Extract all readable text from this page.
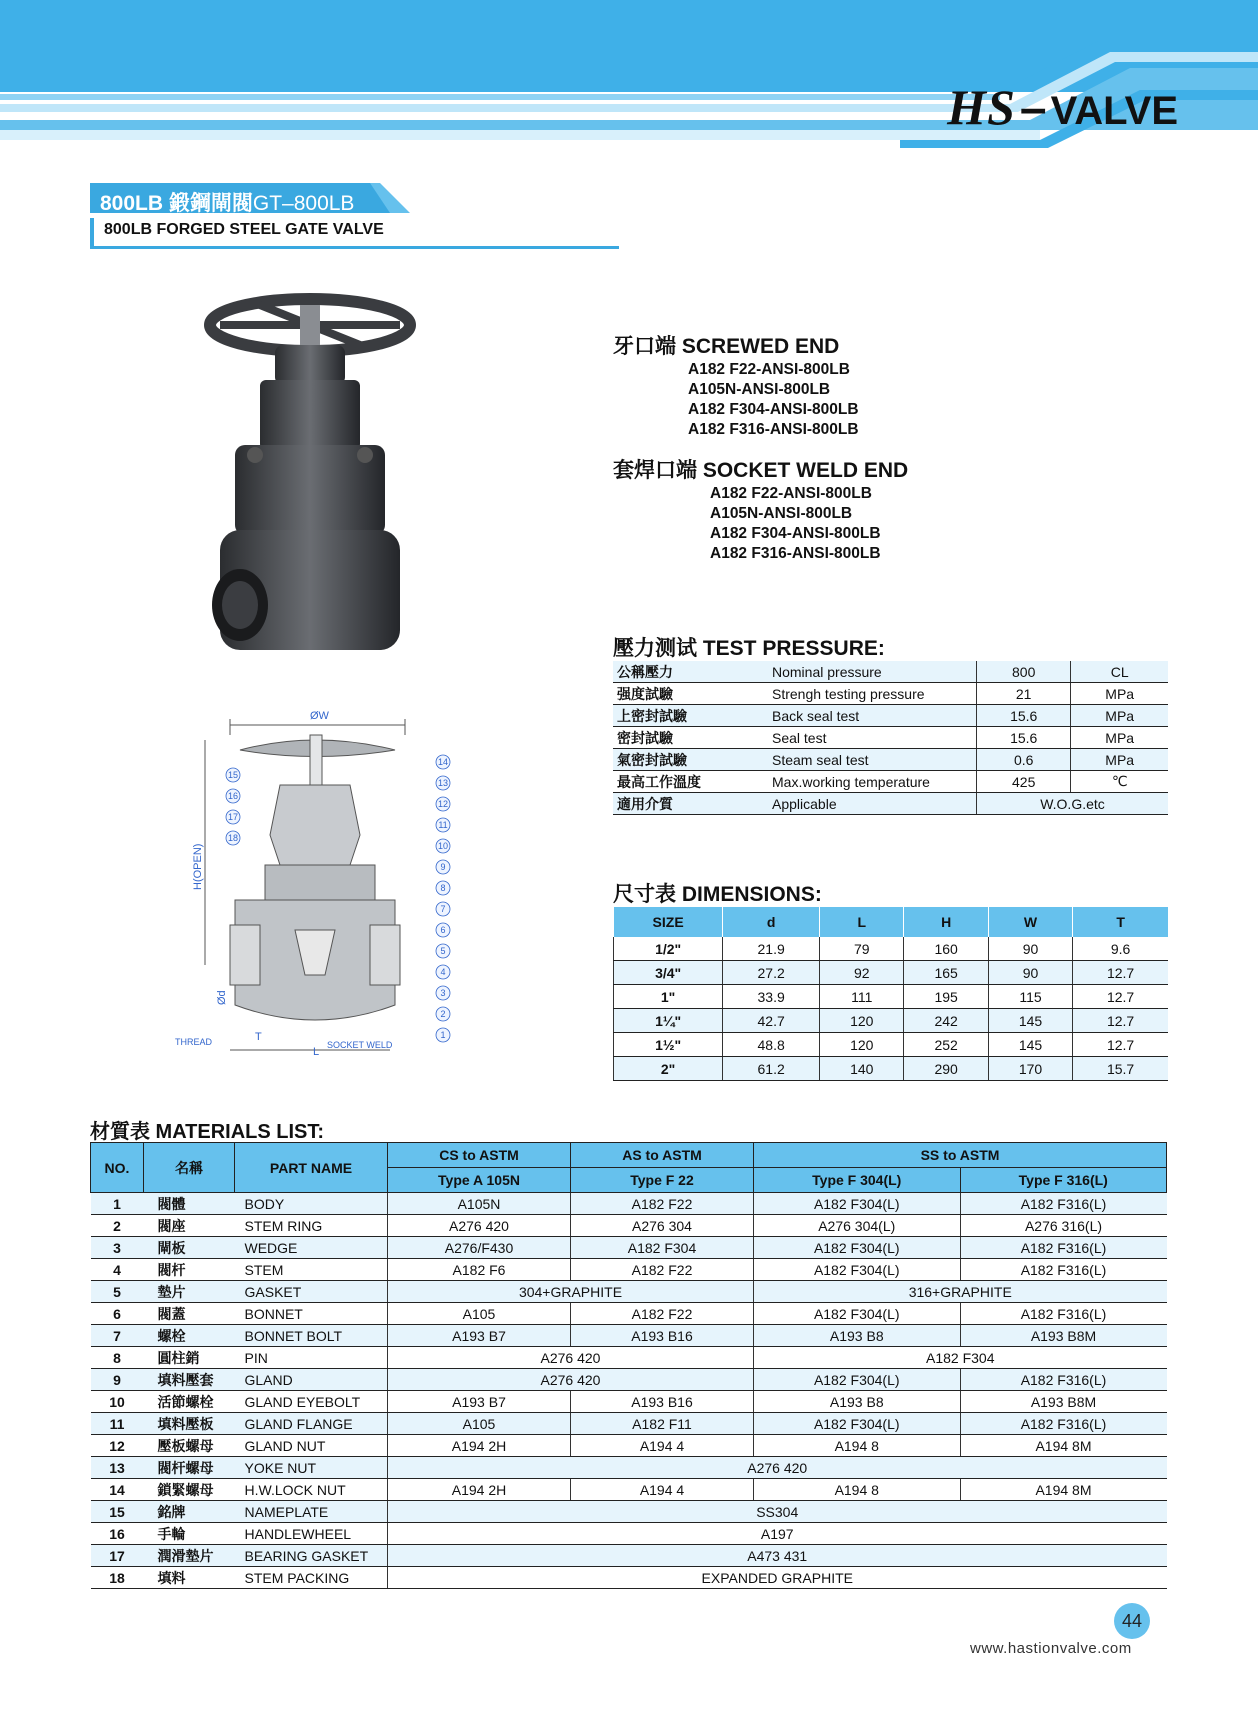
HS– VALVE
800LB 鍛鋼閘閥GT–800LB
800LB FORGED STEEL GATE VALVE
1
2
3
4
5
6
7
8
9
10
11
12
13
14
15
16
17
18
ØW
H(OPEN)
Ød
T
L
THREAD	SOCKET WELD
牙口端 SCREWED END
A182 F22-ANSI-800LB
A105N-ANSI-800LB
A182 F304-ANSI-800LB
A182 F316-ANSI-800LB
套焊口端 SOCKET WELD END
A182 F22-ANSI-800LB
A105N-ANSI-800LB
A182 F304-ANSI-800LB
A182 F316-ANSI-800LB
壓力测试 TEST PRESSURE:
公稱壓力	Nominal pressure	800	CL
强度試驗	Strengh testing pressure	21	MPa
上密封試驗	Back seal test	15.6	MPa
密封試驗	Seal test	15.6	MPa
氣密封試驗	Steam seal test	0.6	MPa
最高工作溫度	Max.working temperature	425	℃
適用介質	Applicable	W.O.G.etc	
尺寸表 DIMENSIONS:
SIZE	d	L	H	W	T
1/2"	21.9	79	160	90	9.6
3/4"	27.2	92	165	90	12.7
1"	33.9	111	195	115	12.7
1¼"	42.7	120	242	145	12.7
1½"	48.8	120	252	145	12.7
2"	61.2	140	290	170	15.7
材質表 MATERIALS LIST:
NO.	名稱	PART NAME	CS to ASTM	AS to ASTM	SS to ASTM	
			Type A 105N	Type F 22	Type F 304(L)	Type F 316(L)
1	閥體	BODY	A105N	A182 F22	A182 F304(L)	A182 F316(L)
2	閥座	STEM RING	A276 420	A276 304	A276 304(L)	A276 316(L)
3	閘板	WEDGE	A276/F430	A182 F304	A182 F304(L)	A182 F316(L)
4	閥杆	STEM	A182 F6	A182 F22	A182 F304(L)	A182 F316(L)
5	墊片	GASKET	304+GRAPHITE		316+GRAPHITE	
6	閥蓋	BONNET	A105	A182 F22	A182 F304(L)	A182 F316(L)
7	螺栓	BONNET BOLT	A193 B7	A193 B16	A193 B8	A193 B8M
8	圓柱銷	PIN	A276 420		A182 F304	
9	填料壓套	GLAND	A276 420		A182 F304(L)	A182 F316(L)
10	活節螺栓	GLAND EYEBOLT	A193 B7	A193 B16	A193 B8	A193 B8M
11	填料壓板	GLAND FLANGE	A105	A182 F11	A182 F304(L)	A182 F316(L)
12	壓板螺母	GLAND NUT	A194 2H	A194 4	A194 8	A194 8M
13	閥杆螺母	YOKE NUT	A276 420			
14	鎖緊螺母	H.W.LOCK NUT	A194 2H	A194 4	A194 8	A194 8M
15	銘牌	NAMEPLATE	SS304			
16	手輪	HANDLEWHEEL	A197			
17	潤滑墊片	BEARING GASKET	A473 431			
18	填料	STEM PACKING	EXPANDED GRAPHITE			
44
www.hastionvalve.com
